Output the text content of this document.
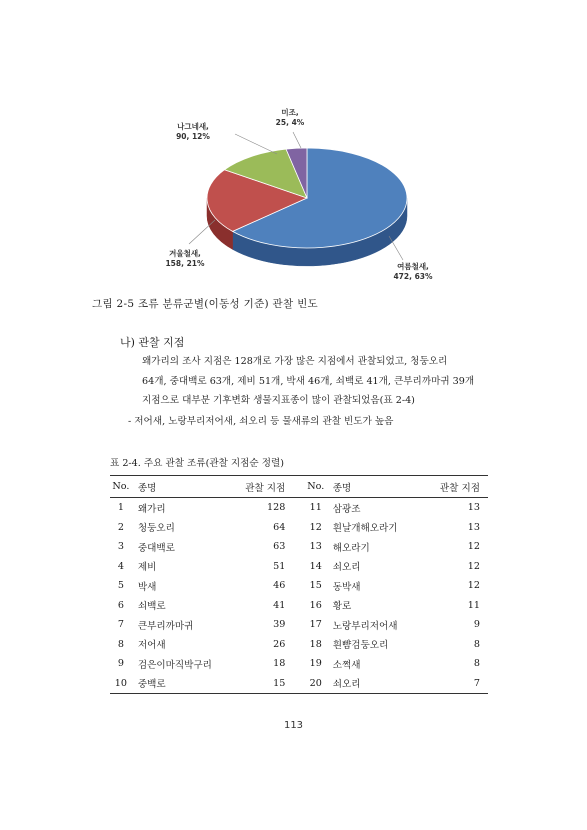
여름철새,
472, 63%
겨울철새,
158, 21%
나그네새,
90, 12%
미조,
25, 4%
그림 2-5 조류 분류군별(이동성 기준) 관찰 빈도
나) 관찰 지점
왜가리의 조사 지점은 128개로 가장 많은 지점에서 관찰되었고, 청둥오리
64개, 중대백로 63개, 제비 51개, 박새 46개, 쇠백로 41개, 큰부리까마귀 39개
지점으로 대부분 기후변화 생물지표종이 많이 관찰되었음(표 2-4)
- 저어새, 노랑부리저어새, 쇠오리 등 물새류의 관찰 빈도가 높음
표 2-4. 주요 관찰 조류(관찰 지점순 정렬)
No.	종명	관찰 지점		No.	종명	관찰 지점
1	왜가리	128		11	삼광조	13
2	청둥오리	64		12	흰날개해오라기	13
3	중대백로	63		13	해오라기	12
4	제비	51		14	쇠오리	12
5	박새	46		15	동박새	12
6	쇠백로	41		16	황로	11
7	큰부리까마귀	39		17	노랑부리저어새	9
8	저어새	26		18	흰뺨검둥오리	8
9	검은이마직박구리	18		19	소쩍새	8
10	중백로	15		20	쇠오리	7
113
